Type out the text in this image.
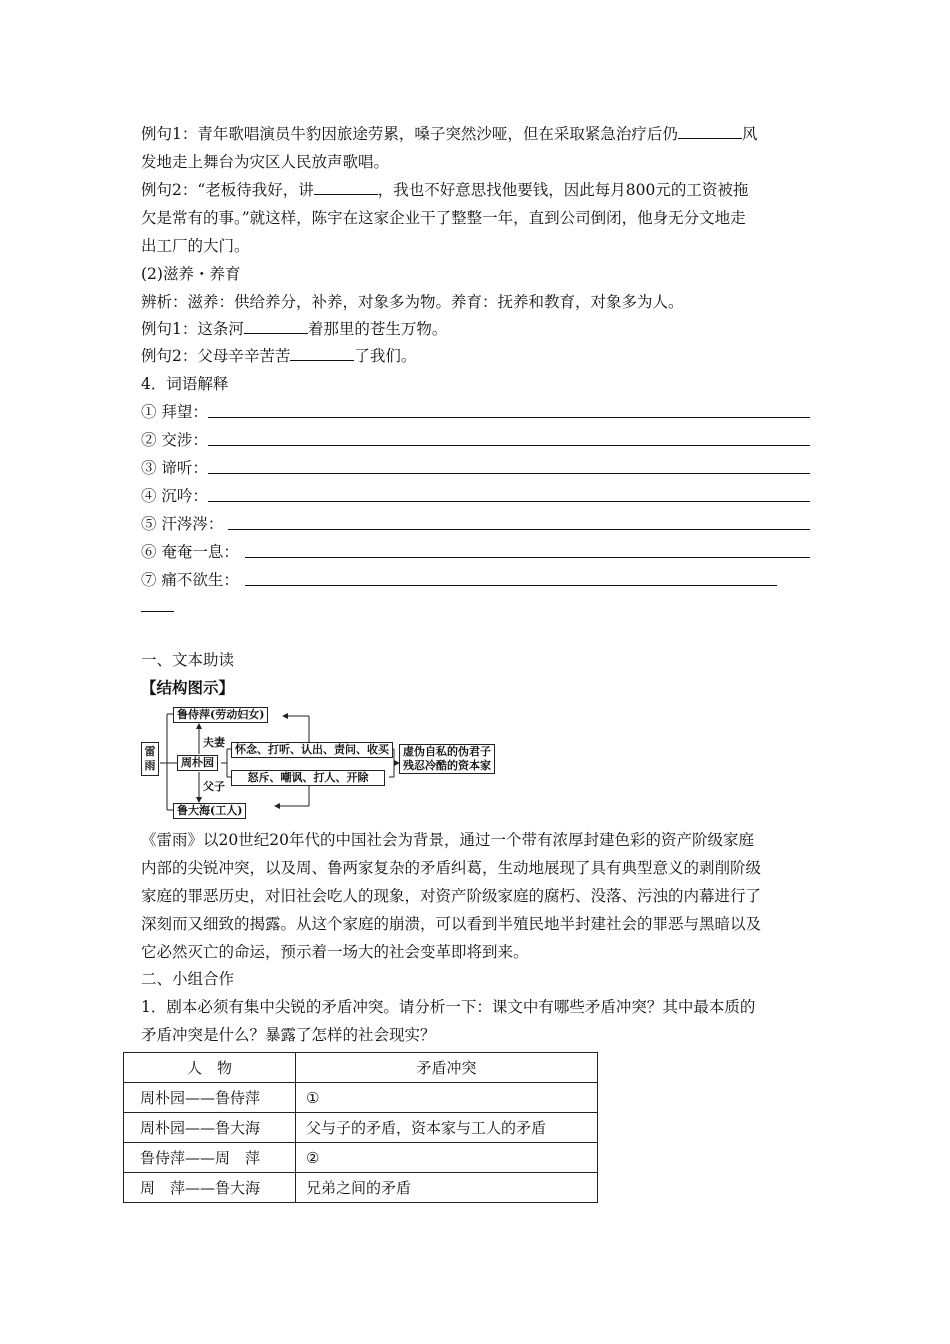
例句1：青年歌唱演员牛豹因旅途劳累，嗓子突然沙哑，但在采取紧急治疗后仍	风
发地走上舞台为灾区人民放声歌唱。
例句2：“老板待我好，讲	，我也不好意思找他要钱，因此每月800元的工资被拖
欠是常有的事。”就这样，陈宇在这家企业干了整整一年，直到公司倒闭，他身无分文地走
出工厂的大门。
(2)滋养・养育
辨析：滋养：供给养分，补养，对象多为物。养育：抚养和教育，对象多为人。
例句1：这条河	着那里的苍生万物。
例句2：父母辛辛苦苦	了我们。
4．词语解释
① 拜望：
② 交涉：
③ 谛听：
④ 沉吟：
⑤ 汗涔涔：
⑥ 奄奄一息：
⑦ 痛不欲生：
一、文本助读
【结构图示】
雷雨
鲁侍萍(劳动妇女)
周朴园
鲁大海(工人)
夫妻
父子
怀念、打听、认出、责问、收买
怒斥、嘲讽、打人、开除
虚伪自私的伪君子
残忍冷酷的资本家
《雷雨》以20世纪20年代的中国社会为背景，通过一个带有浓厚封建色彩的资产阶级家庭
内部的尖锐冲突，以及周、鲁两家复杂的矛盾纠葛，生动地展现了具有典型意义的剥削阶级
家庭的罪恶历史，对旧社会吃人的现象，对资产阶级家庭的腐朽、没落、污浊的内幕进行了
深刻而又细致的揭露。从这个家庭的崩溃，可以看到半殖民地半封建社会的罪恶与黑暗以及
它必然灭亡的命运，预示着一场大的社会变革即将到来。
二、小组合作
1．剧本必须有集中尖锐的矛盾冲突。请分析一下：课文中有哪些矛盾冲突？其中最本质的
矛盾冲突是什么？暴露了怎样的社会现实？
人　物	矛盾冲突
周朴园——鲁侍萍	①
周朴园——鲁大海	父与子的矛盾，资本家与工人的矛盾
鲁侍萍——周　萍	②
周　萍——鲁大海	兄弟之间的矛盾
